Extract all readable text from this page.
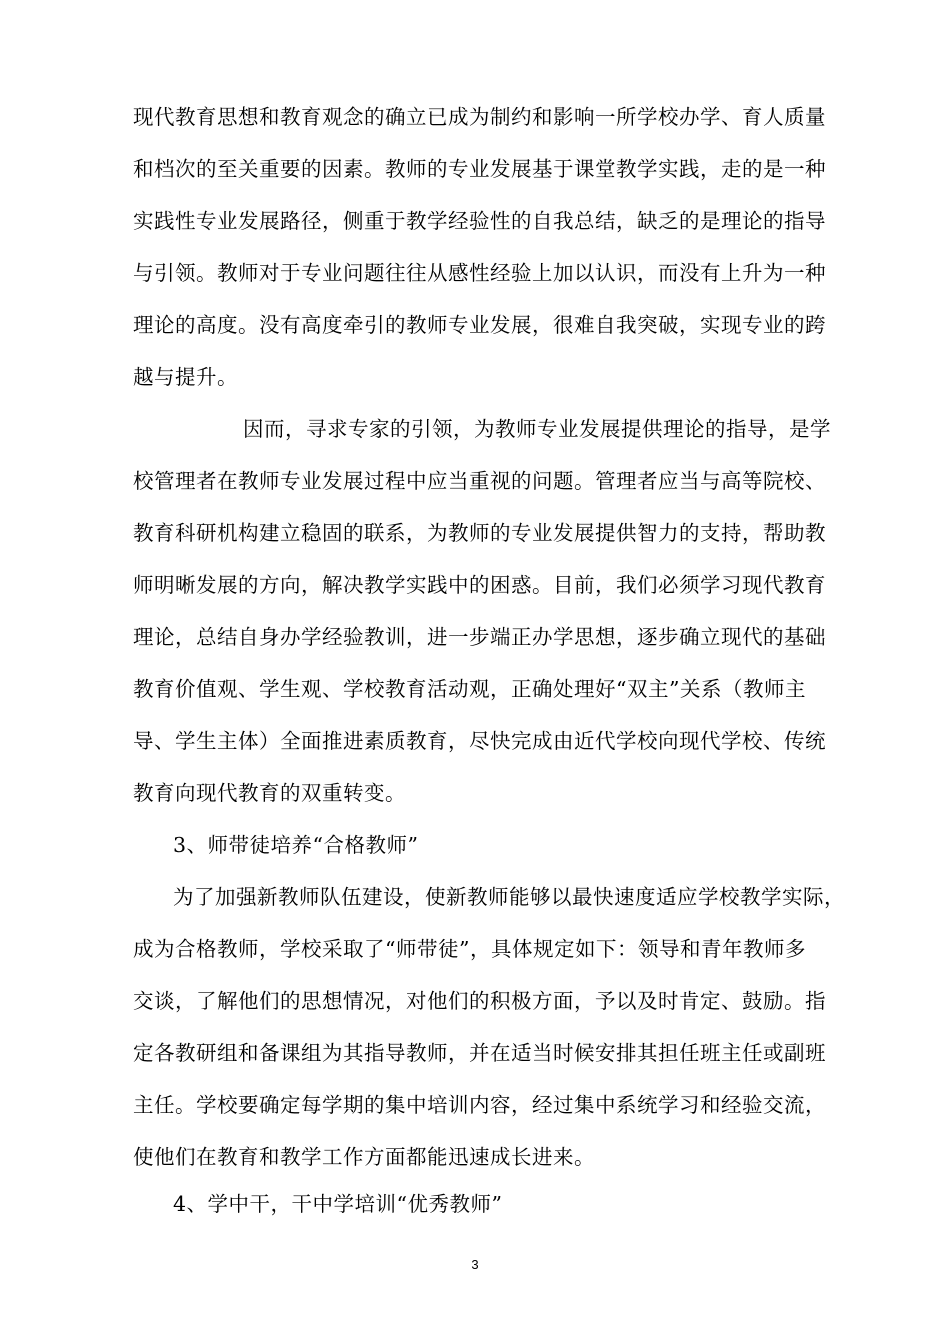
现代教育思想和教育观念的确立已成为制约和影响一所学校办学、育人质量
和档次的至关重要的因素。教师的专业发展基于课堂教学实践，走的是一种
实践性专业发展路径，侧重于教学经验性的自我总结，缺乏的是理论的指导
与引领。教师对于专业问题往往从感性经验上加以认识，而没有上升为一种
理论的高度。没有高度牵引的教师专业发展，很难自我突破，实现专业的跨
越与提升。
因而，寻求专家的引领，为教师专业发展提供理论的指导，是学
校管理者在教师专业发展过程中应当重视的问题。管理者应当与高等院校、
教育科研机构建立稳固的联系，为教师的专业发展提供智力的支持，帮助教
师明晰发展的方向，解决教学实践中的困惑。目前，我们必须学习现代教育
理论，总结自身办学经验教训，进一步端正办学思想，逐步确立现代的基础
教育价值观、学生观、学校教育活动观，正确处理好“双主”关系（教师主
导、学生主体）全面推进素质教育，尽快完成由近代学校向现代学校、传统
教育向现代教育的双重转变。
3、师带徒培养“合格教师”
为了加强新教师队伍建设，使新教师能够以最快速度适应学校教学实际，
成为合格教师，学校采取了“师带徒”，具体规定如下：领导和青年教师多
交谈，了解他们的思想情况，对他们的积极方面，予以及时肯定、鼓励。指
定各教研组和备课组为其指导教师，并在适当时候安排其担任班主任或副班
主任。学校要确定每学期的集中培训内容，经过集中系统学习和经验交流，
使他们在教育和教学工作方面都能迅速成长进来。
4、学中干，干中学培训“优秀教师”
3
